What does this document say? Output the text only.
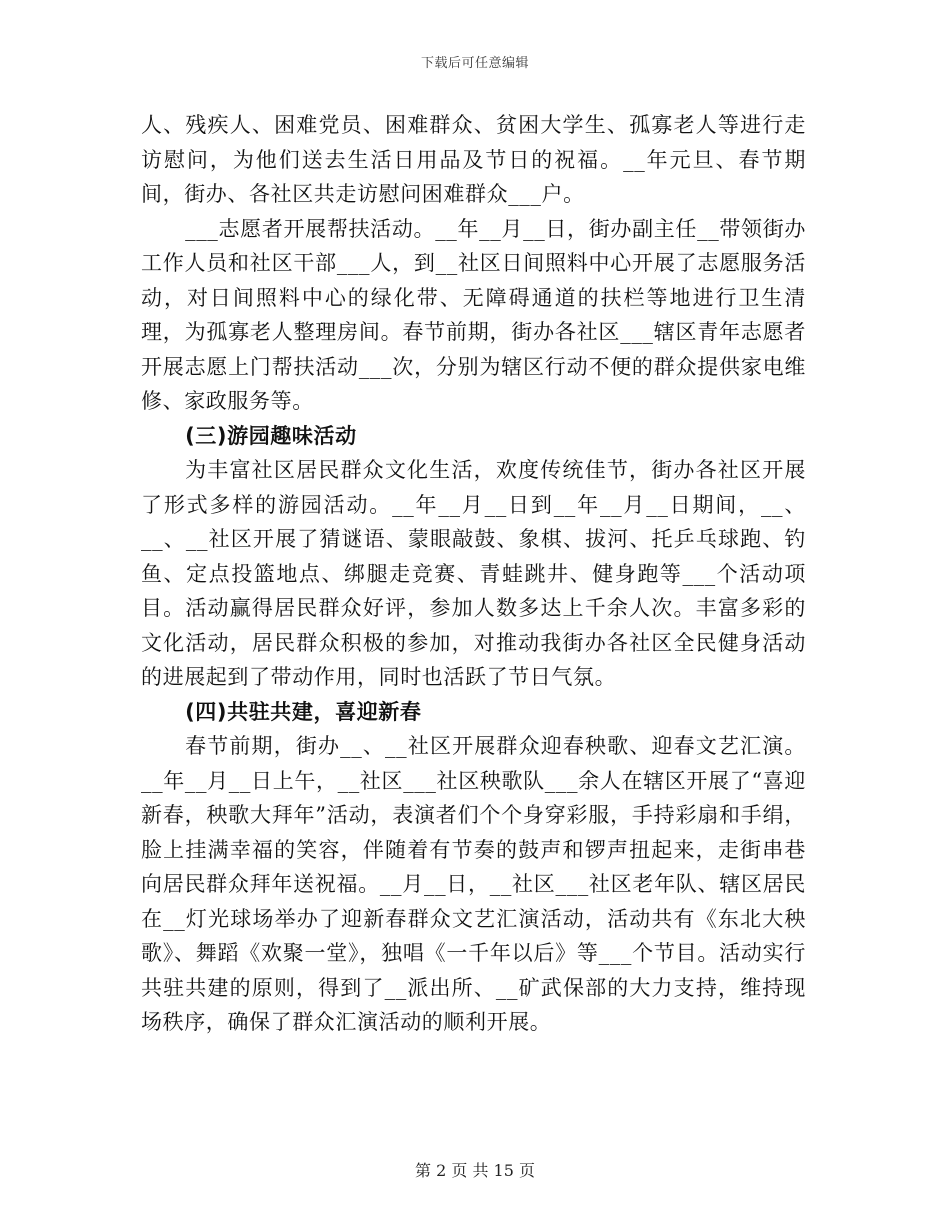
下载后可任意编辑

人、残疾人、困难党员、困难群众、贫困大学生、孤寡老人等进行走访慰问，为他们送去生活日用品及节日的祝福。__年元旦、春节期间，街办、各社区共走访慰问困难群众___户。

___志愿者开展帮扶活动。__年__月__日，街办副主任__带领街办工作人员和社区干部___人，到__社区日间照料中心开展了志愿服务活动，对日间照料中心的绿化带、无障碍通道的扶栏等地进行卫生清理，为孤寡老人整理房间。春节前期，街办各社区___辖区青年志愿者开展志愿上门帮扶活动___次，分别为辖区行动不便的群众提供家电维修、家政服务等。

(三)游园趣味活动

为丰富社区居民群众文化生活，欢度传统佳节，街办各社区开展了形式多样的游园活动。__年__月__日到__年__月__日期间，__、__、__社区开展了猜谜语、蒙眼敲鼓、象棋、拔河、托乒乓球跑、钓鱼、定点投篮地点、绑腿走竞赛、青蛙跳井、健身跑等___个活动项目。活动赢得居民群众好评，参加人数多达上千余人次。丰富多彩的文化活动，居民群众积极的参加，对推动我街办各社区全民健身活动的进展起到了带动作用，同时也活跃了节日气氛。

(四)共驻共建，喜迎新春

春节前期，街办__、__社区开展群众迎春秧歌、迎春文艺汇演。__年__月__日上午，__社区___社区秧歌队___余人在辖区开展了“喜迎新春，秧歌大拜年”活动，表演者们个个身穿彩服，手持彩扇和手绢，脸上挂满幸福的笑容，伴随着有节奏的鼓声和锣声扭起来，走街串巷向居民群众拜年送祝福。__月__日，__社区___社区老年队、辖区居民在__灯光球场举办了迎新春群众文艺汇演活动，活动共有《东北大秧歌》、舞蹈《欢聚一堂》，独唱《一千年以后》等___个节目。活动实行共驻共建的原则，得到了__派出所、__矿武保部的大力支持，维持现场秩序，确保了群众汇演活动的顺利开展。

第 2 页 共 15 页
